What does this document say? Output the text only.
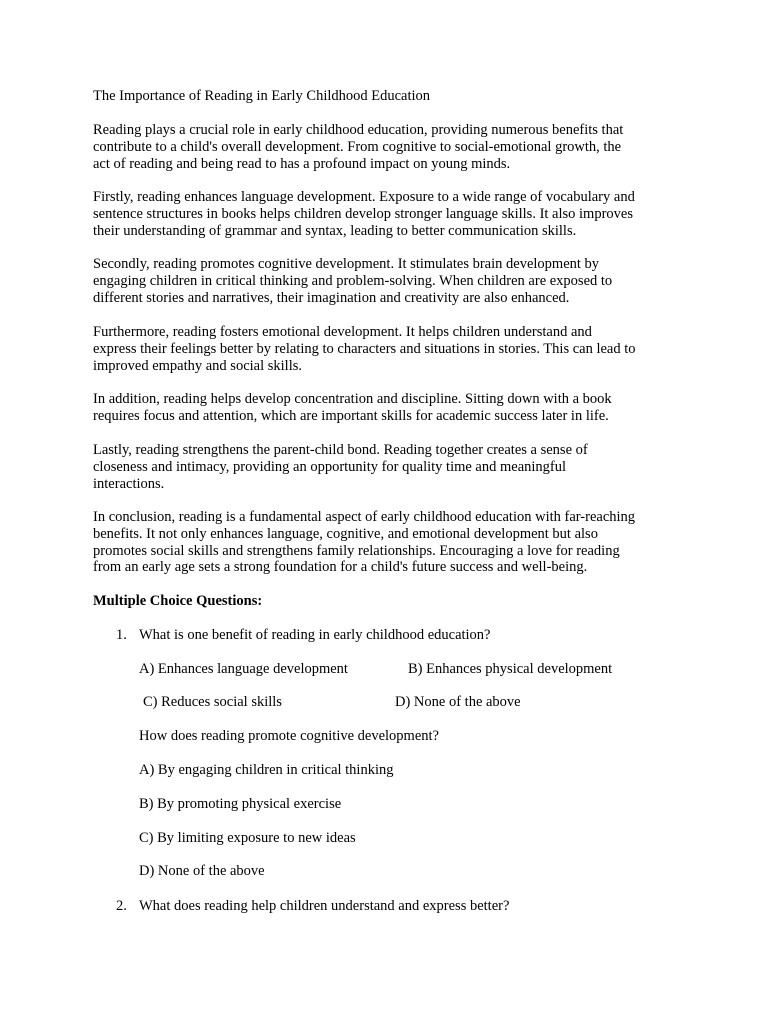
The Importance of Reading in Early Childhood Education
Reading plays a crucial role in early childhood education, providing numerous benefits that
contribute to a child's overall development. From cognitive to social-emotional growth, the
act of reading and being read to has a profound impact on young minds.
Firstly, reading enhances language development. Exposure to a wide range of vocabulary and
sentence structures in books helps children develop stronger language skills. It also improves
their understanding of grammar and syntax, leading to better communication skills.
Secondly, reading promotes cognitive development. It stimulates brain development by
engaging children in critical thinking and problem-solving. When children are exposed to
different stories and narratives, their imagination and creativity are also enhanced.
Furthermore, reading fosters emotional development. It helps children understand and
express their feelings better by relating to characters and situations in stories. This can lead to
improved empathy and social skills.
In addition, reading helps develop concentration and discipline. Sitting down with a book
requires focus and attention, which are important skills for academic success later in life.
Lastly, reading strengthens the parent-child bond. Reading together creates a sense of
closeness and intimacy, providing an opportunity for quality time and meaningful
interactions.
In conclusion, reading is a fundamental aspect of early childhood education with far-reaching
benefits. It not only enhances language, cognitive, and emotional development but also
promotes social skills and strengthens family relationships. Encouraging a love for reading
from an early age sets a strong foundation for a child's future success and well-being.
Multiple Choice Questions:
1. What is one benefit of reading in early childhood education?
A) Enhances language development	B) Enhances physical development
C) Reduces social skills	D) None of the above
How does reading promote cognitive development?
A) By engaging children in critical thinking
B) By promoting physical exercise
C) By limiting exposure to new ideas
D) None of the above
2. What does reading help children understand and express better?
